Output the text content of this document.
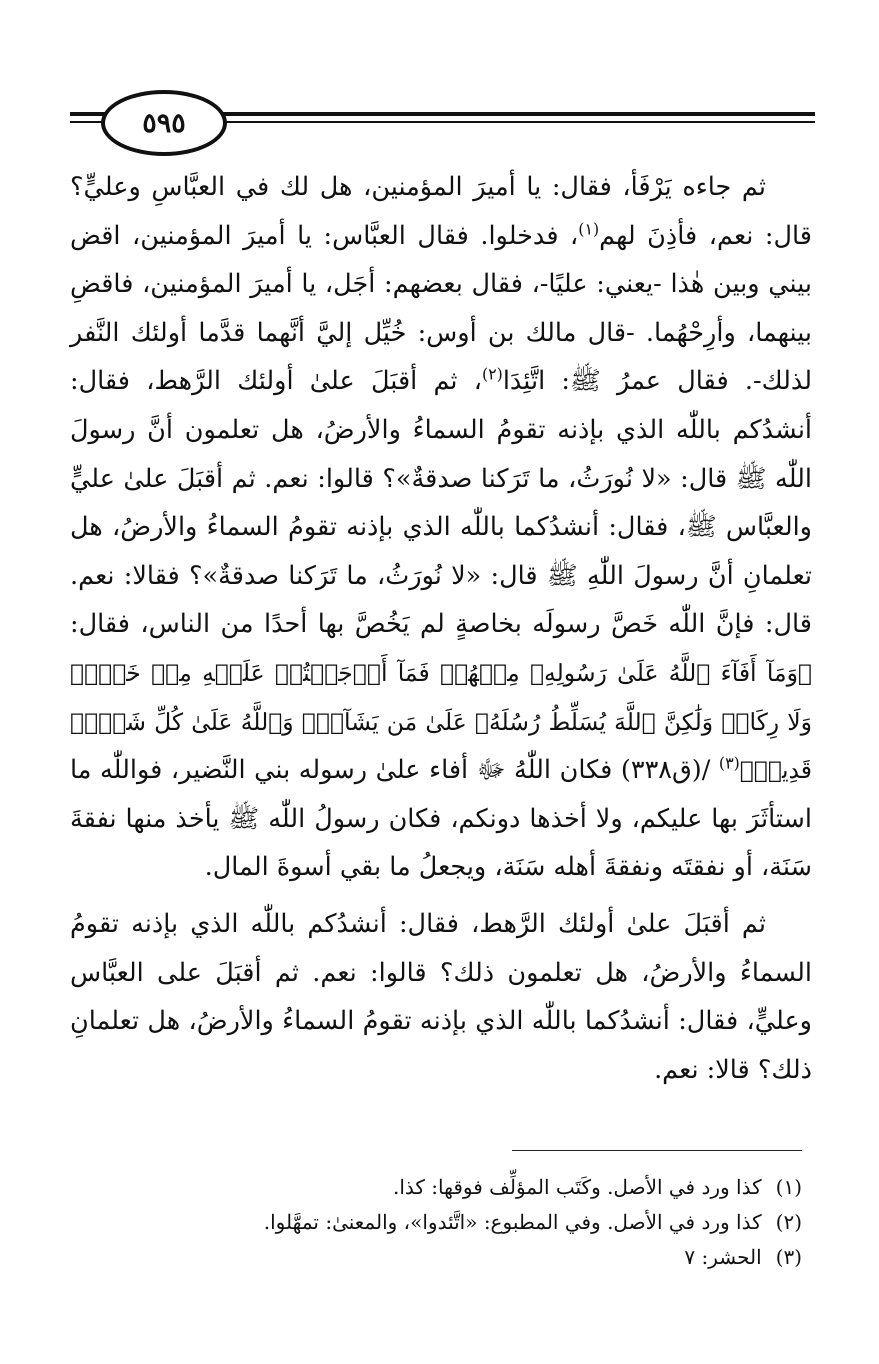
٥٩٥

ثم جاءه يَرْفَأ، فقال: يا أميرَ المؤمنين، هل لك في العبَّاسِ وعليٍّ؟ قال: نعم، فأذِنَ لهم$^{(١)}$، فدخلوا. فقال العبَّاس: يا أميرَ المؤمنين، اقض بيني وبين هٰذا -يعني: عليًا-، فقال بعضهم: أجَل، يا أميرَ المؤمنين، فاقضِ بينهما، وأرِحْهُما. -قال مالك بن أوس: خُيِّل إليَّ أنَّهما قدَّما أولئك النَّفر لذلك-. فقال عمرُ ﷺ: اتَّئِدَا$^{(٢)}$، ثم أقبَلَ علىٰ أولئك الرَّهط، فقال: أنشدُكم باللّٰه الذي بإذنه تقومُ السماءُ والأرضُ، هل تعلمون أنَّ رسولَ اللّٰه ﷺ قال: «لا نُورَثُ، ما تَرَكنا صدقةٌ»؟ قالوا: نعم. ثم أقبَلَ علىٰ عليٍّ والعبَّاس ﷺ، فقال: أنشدُكما باللّٰه الذي بإذنه تقومُ السماءُ والأرضُ، هل تعلمانِ أنَّ رسولَ اللّٰهِ ﷺ قال: «لا نُورَثُ، ما تَرَكنا صدقةٌ»؟ فقالا: نعم. قال: فإنَّ اللّٰه خَصَّ رسولَه بخاصةٍ لم يَخُصَّ بها أحدًا من الناس، فقال: ﴿وَمَآ أَفَآءَ ٱللَّهُ عَلَىٰ رَسُولِهِۦ مِنۡهُمۡ فَمَآ أَوۡجَفۡتُمۡ عَلَيۡهِ مِنۡ خَيۡلٖ وَلَا رِكَابٖ وَلَٰكِنَّ ٱللَّهَ يُسَلِّطُ رُسُلَهُۥ عَلَىٰ مَن يَشَآءُۚ وَٱللَّهُ عَلَىٰ كُلِّ شَيۡءٖ قَدِيرٞ﴾$^{(٣)}$ /(ق٣٣٨) فكان اللّٰهُ ﷻ أفاء علىٰ رسوله بني النَّضير، فواللّٰه ما استأثَرَ بها عليكم، ولا أخذها دونكم، فكان رسولُ اللّٰه ﷺ يأخذ منها نفقةَ سَنَة، أو نفقتَه ونفقةَ أهله سَنَة، ويجعلُ ما بقي أسوةَ المال.

ثم أقبَلَ علىٰ أولئك الرَّهط، فقال: أنشدُكم باللّٰه الذي بإذنه تقومُ السماءُ والأرضُ، هل تعلمون ذلك؟ قالوا: نعم. ثم أقبَلَ على العبَّاس وعليٍّ، فقال: أنشدُكما باللّٰه الذي بإذنه تقومُ السماءُ والأرضُ، هل تعلمانِ ذلك؟ قالا: نعم.

(١) كذا ورد في الأصل. وكَتَب المؤلِّف فوقها: كذا.

(٢) كذا ورد في الأصل. وفي المطبوع: «اتَّئدوا»، والمعنىٰ: تمهَّلوا.

(٣) الحشر: ٧
